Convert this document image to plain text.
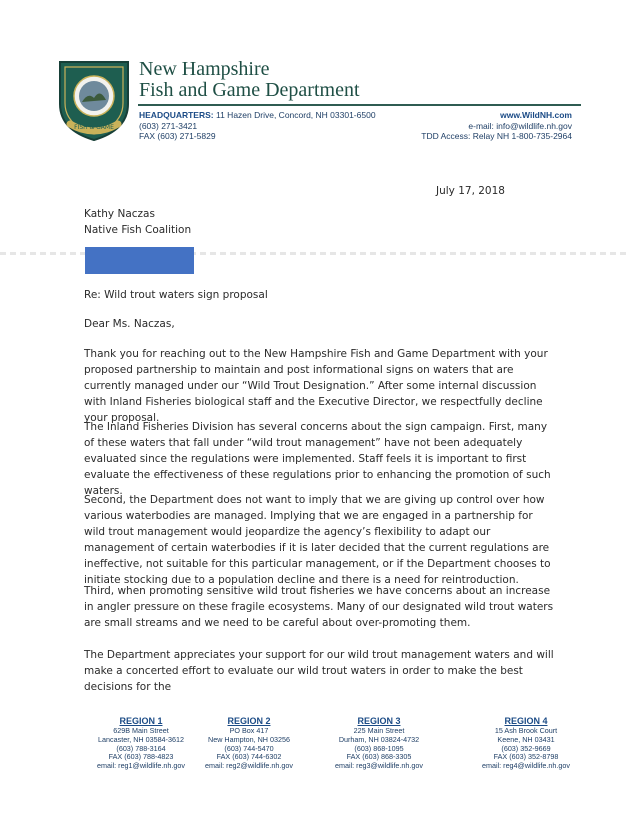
FISH & GAME
New Hampshire
Fish and Game Department
HEADQUARTERS: 11 Hazen Drive, Concord, NH 03301-6500
(603) 271-3421
FAX (603) 271-5829
www.WildNH.com
e-mail: info@wildlife.nh.gov
TDD Access: Relay NH 1-800-735-2964
July 17, 2018
Kathy Naczas
Native Fish Coalition
Re: Wild trout waters sign proposal
Dear Ms. Naczas,

Thank you for reaching out to the New Hampshire Fish and Game Department with your proposed partnership to maintain and post informational signs on waters that are currently managed under our “Wild Trout Designation.” After some internal discussion with Inland Fisheries biological staff and the Executive Director, we respectfully decline your proposal.

The Inland Fisheries Division has several concerns about the sign campaign. First, many of these waters that fall under “wild trout management” have not been adequately evaluated since the regulations were implemented. Staff feels it is important to first evaluate the effectiveness of these regulations prior to enhancing the promotion of such waters.

Second, the Department does not want to imply that we are giving up control over how various waterbodies are managed. Implying that we are engaged in a partnership for wild trout management would jeopardize the agency’s flexibility to adapt our management of certain waterbodies if it is later decided that the current regulations are ineffective, not suitable for this particular management, or if the Department chooses to initiate stocking due to a population decline and there is a need for reintroduction.

Third, when promoting sensitive wild trout fisheries we have concerns about an increase in angler pressure on these fragile ecosystems. Many of our designated wild trout waters are small streams and we need to be careful about over-promoting them.

The Department appreciates your support for our wild trout management waters and will make a concerted effort to evaluate our wild trout waters in order to make the best decisions for the

REGION 1
629B Main Street
Lancaster, NH 03584-3612
(603) 788-3164
FAX (603) 788-4823
email: reg1@wildlife.nh.gov
REGION 2
PO Box 417
New Hampton, NH 03256
(603) 744-5470
FAX (603) 744-6302
email: reg2@wildlife.nh.gov
REGION 3
225 Main Street
Durham, NH 03824-4732
(603) 868-1095
FAX (603) 868-3305
email: reg3@wildlife.nh.gov
REGION 4
15 Ash Brook Court
Keene, NH 03431
(603) 352-9669
FAX (603) 352-8798
email: reg4@wildlife.nh.gov
